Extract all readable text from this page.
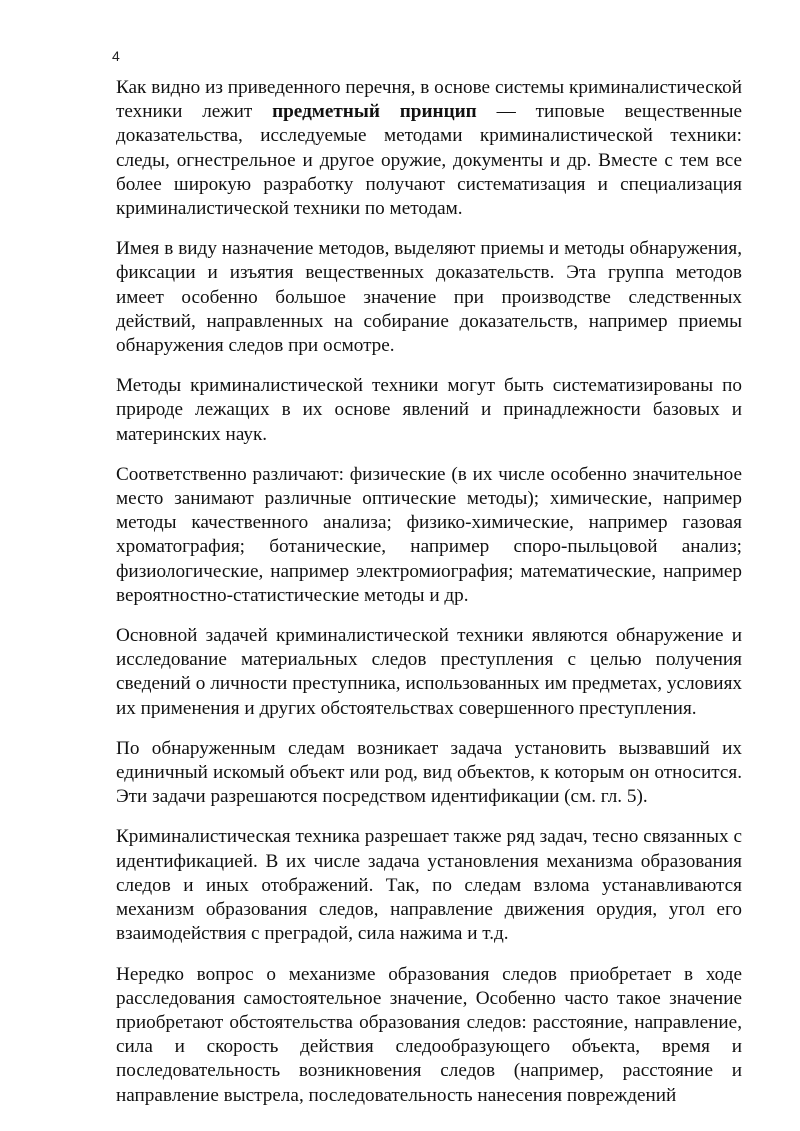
4

Как видно из приведенного перечня, в основе системы криминалистической техники лежит предметный принцип — типовые вещественные доказательства, исследуемые методами криминалистической техники: следы, огнестрельное и другое оружие, документы и др. Вместе с тем все более широкую разработку получают систематизация и специализация криминалистической техники по методам.

Имея в виду назначение методов, выделяют приемы и методы обнаружения, фиксации и изъятия вещественных доказательств. Эта группа методов имеет особенно большое значение при производстве следственных действий, направленных на собирание доказательств, например приемы обнаружения следов при осмотре.

Методы криминалистической техники могут быть систематизированы по природе лежащих в их основе явлений и принадлежности базовых и материнских наук.

Соответственно различают: физические (в их числе особенно значительное место занимают различные оптические методы); химические, например методы качественного анализа; физико-химические, например газовая хроматография; ботанические, например споро-пыльцовой анализ; физиологические, например электромиография; математические, например вероятностно-статистические методы и др.

Основной задачей криминалистической техники являются обнаружение и исследование материальных следов преступления с целью получения сведений о личности преступника, использованных им предметах, условиях их применения и других обстоятельствах совершенного преступления.

По обнаруженным следам возникает задача установить вызвавший их единичный искомый объект или род, вид объектов, к которым он относится. Эти задачи разрешаются посредством идентификации (см. гл. 5).

Криминалистическая техника разрешает также ряд задач, тесно связанных с идентификацией. В их числе задача установления механизма образования следов и иных отображений. Так, по следам взлома устанавливаются механизм образования следов, направление движения орудия, угол его взаимодействия с преградой, сила нажима и т.д.

Нередко вопрос о механизме образования следов приобретает в ходе расследования самостоятельное значение, Особенно часто такое значение приобретают обстоятельства образования следов: расстояние, направление, сила и скорость действия следообразующего объекта, время и последовательность возникновения следов (например, расстояние и направление выстрела, последовательность нанесения повреждений
